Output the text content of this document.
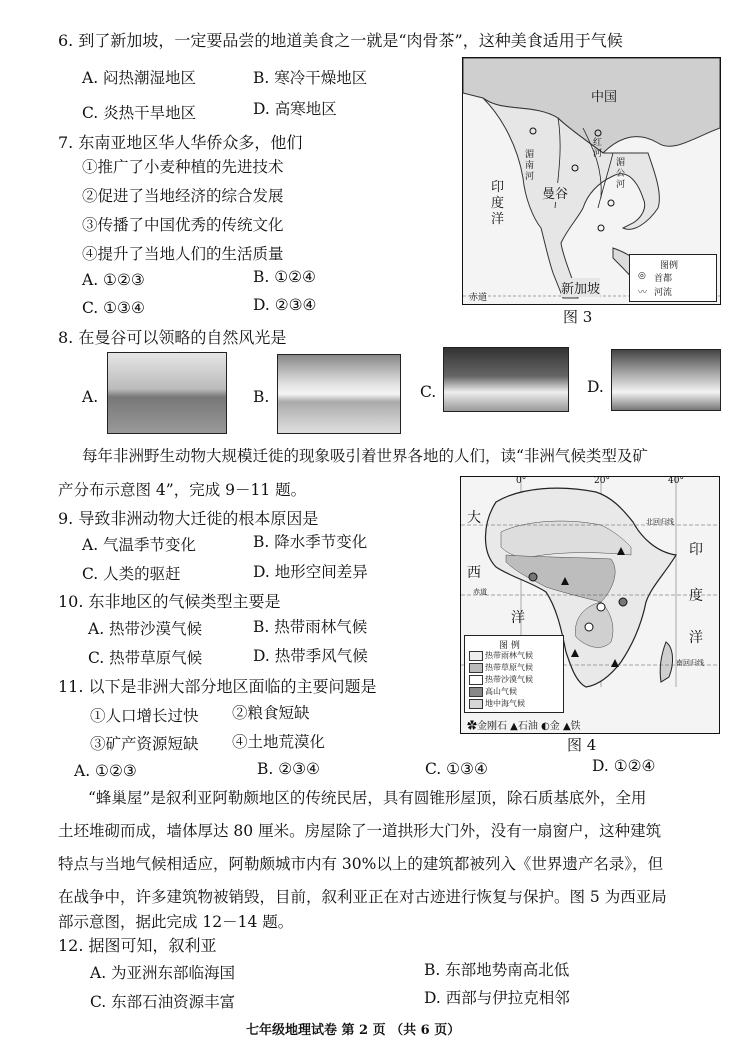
6. 到了新加坡，一定要品尝的地道美食之一就是“肉骨茶”，这种美食适用于气候
A. 闷热潮湿地区	B. 寒冷干燥地区
C. 炎热干旱地区	D. 高寒地区
7. 东南亚地区华人华侨众多，他们
①推广了小麦种植的先进技术
②促进了当地经济的综合发展
③传播了中国优秀的传统文化
④提升了当地人们的生活质量
A. ①②③	B. ①②④
C. ①③④	D. ②③④
中国
印度洋
曼谷
新加坡
赤道
湄南河
红河
湄公河
图例
◎ 首都
〰 河流
图 3
8. 在曼谷可以领略的自然风光是
A.	B.	C.	D.
每年非洲野生动物大规模迁徙的现象吸引着世界各地的人们，读“非洲气候类型及矿
产分布示意图 4”，完成 9－11 题。
9. 导致非洲动物大迁徙的根本原因是
A. 气温季节变化	B. 降水季节变化
C. 人类的驱赶	D. 地形空间差异
10. 东非地区的气候类型主要是
A. 热带沙漠气候	B. 热带雨林气候
C. 热带草原气候	D. 热带季风气候
11. 以下是非洲大部分地区面临的主要问题是
①人口增长过快 ②粮食短缺
③矿产资源短缺 ④土地荒漠化
A. ①②③	B. ②③④	C. ①③④	D. ①②④
0°	20°	40°
大
西
洋
印
度
洋
北回归线
赤道
南回归线
图 例
热带雨林气候
热带草原气候
热带沙漠气候
高山气候
地中海气候
✿金刚石 ▲石油 ◐金 ▲铁
图 4
“蜂巢屋”是叙利亚阿勒颇地区的传统民居，具有圆锥形屋顶，除石质基底外，全用
土坯堆砌而成，墙体厚达 80 厘米。房屋除了一道拱形大门外，没有一扇窗户，这种建筑
特点与当地气候相适应，阿勒颇城市内有 30%以上的建筑都被列入《世界遗产名录》，但
在战争中，许多建筑物被销毁，目前，叙利亚正在对古迹进行恢复与保护。图 5 为西亚局
部示意图，据此完成 12－14 题。
12. 据图可知，叙利亚
A. 为亚洲东部临海国	B. 东部地势南高北低
C. 东部石油资源丰富	D. 西部与伊拉克相邻
七年级地理试卷 第 2 页 （共 6 页）
